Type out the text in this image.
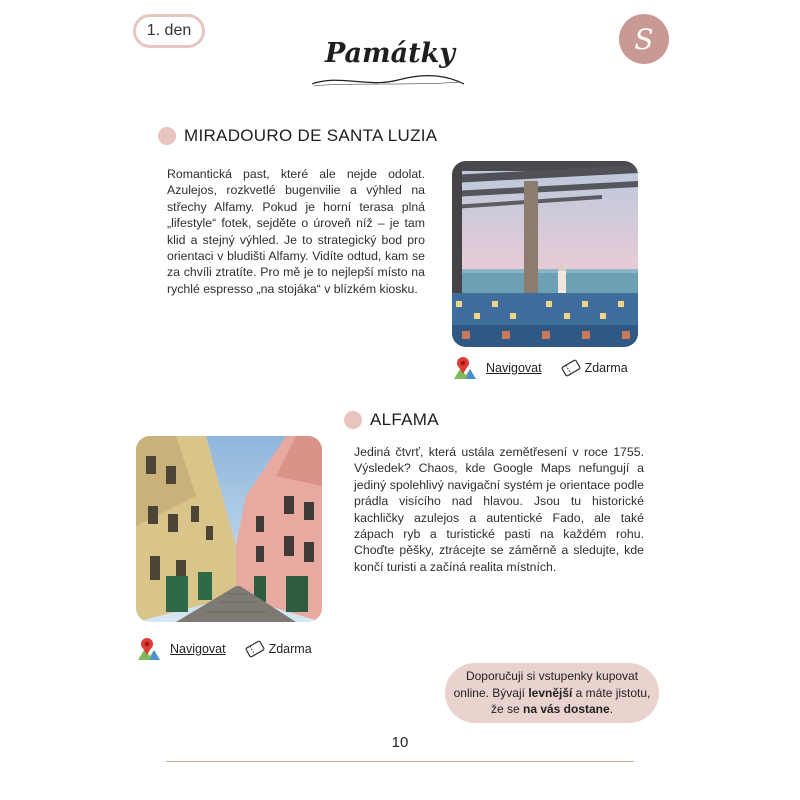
1. den	S
Památky
MIRADOURO DE SANTA LUZIA
Romantická past, které ale nejde odolat. Azulejos, rozkvetlé bugenvilie a výhled na střechy Alfamy. Pokud je horní terasa plná „lifestyle“ fotek, sejděte o úroveň níž – je tam klid a stejný výhled. Je to strategický bod pro orientaci v bludišti Alfamy. Vidíte odtud, kam se za chvíli ztratíte. Pro mě je to nejlepší místo na rychlé espresso „na stojáka“ v blízkém kiosku.
Navigovat	Zdarma
ALFAMA
Jediná čtvrť, která ustála zemětřesení v roce 1755. Výsledek? Chaos, kde Google Maps nefungují a jediný spolehlivý navigační systém je orientace podle prádla visícího nad hlavou. Jsou tu historické kachličky azulejos a autentické Fado, ale také zápach ryb a turistické pasti na každém rohu. Choďte pěšky, ztrácejte se záměrně a sledujte, kde končí turisti a začíná realita místních.
Navigovat	Zdarma
Doporučuji si vstupenky kupovat
online. Bývají levnější a máte jistotu,
že se na vás dostane.
10
